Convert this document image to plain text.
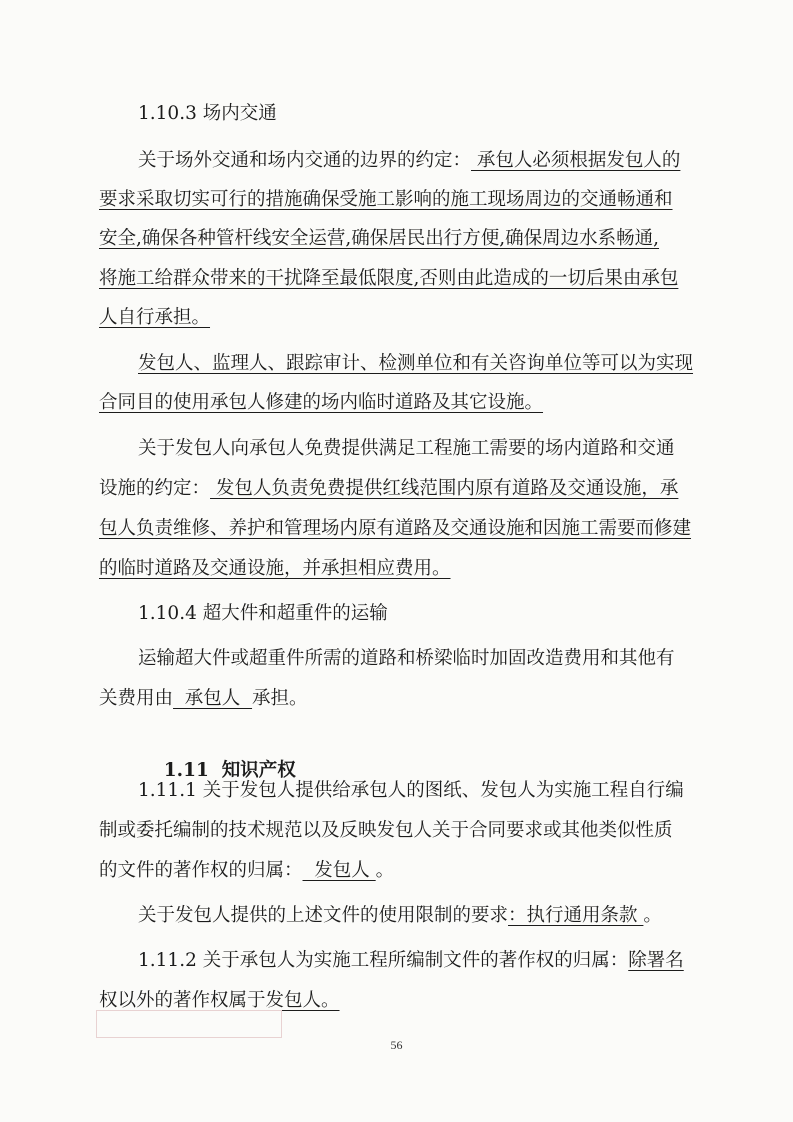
1.10.3 场内交通
关于场外交通和场内交通的边界的约定： 承包人必须根据发包人的
要求采取切实可行的措施确保受施工影响的施工现场周边的交通畅通和
安全,确保各种管杆线安全运营,确保居民出行方便,确保周边水系畅通,
将施工给群众带来的干扰降至最低限度,否则由此造成的一切后果由承包
人自行承担。
发包人、监理人、跟踪审计、检测单位和有关咨询单位等可以为实现
合同目的使用承包人修建的场内临时道路及其它设施。
关于发包人向承包人免费提供满足工程施工需要的场内道路和交通
设施的约定： 发包人负责免费提供红线范围内原有道路及交通设施，承
包人负责维修、养护和管理场内原有道路及交通设施和因施工需要而修建
的临时道路及交通设施，并承担相应费用。
1.10.4 超大件和超重件的运输
运输超大件或超重件所需的道路和桥梁临时加固改造费用和其他有
关费用由  承包人  承担。

1.11  知识产权

1.11.1 关于发包人提供给承包人的图纸、发包人为实施工程自行编
制或委托编制的技术规范以及反映发包人关于合同要求或其他类似性质
的文件的著作权的归属：  发包人 。
关于发包人提供的上述文件的使用限制的要求：执行通用条款 。
1.11.2 关于承包人为实施工程所编制文件的著作权的归属：除署名
权以外的著作权属于发包人。
56
